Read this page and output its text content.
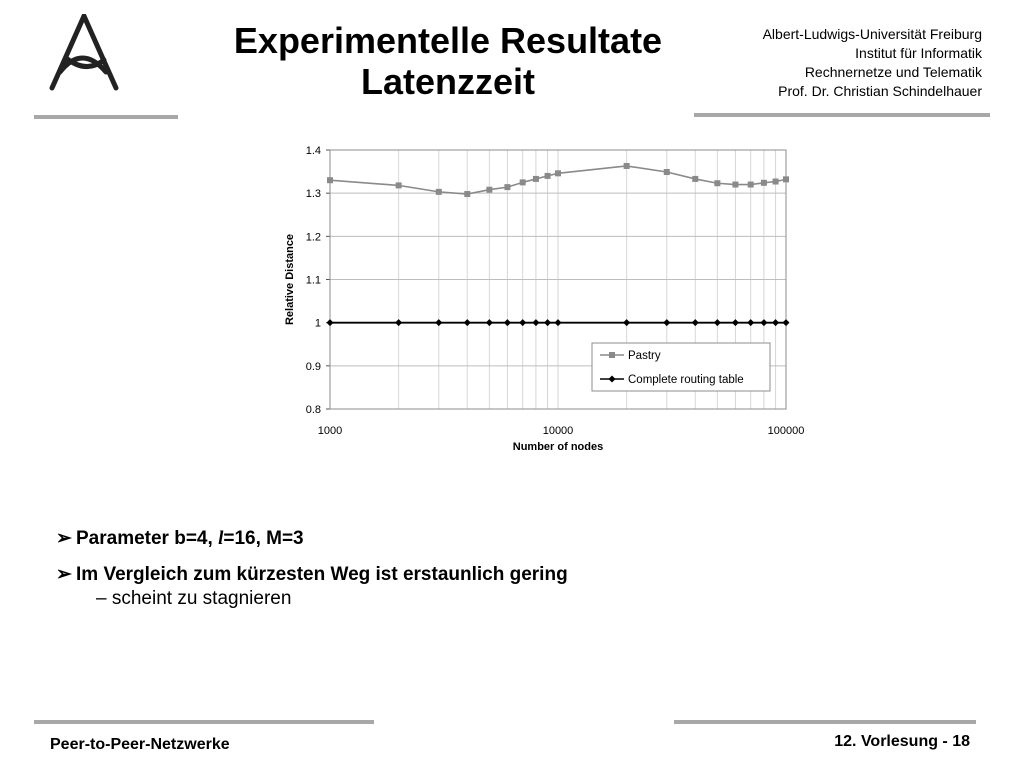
Experimentelle Resultate
Latenzzeit
Albert-Ludwigs-Universität Freiburg
Institut für Informatik
Rechnernetze und Telematik
Prof. Dr. Christian Schindelhauer
0.8
0.9
1
1.1
1.2
1.3
1.4
1000	10000	100000
Number of nodes
Relative Distance
Pastry
Complete routing table
➢ Parameter b=4, l=16, M=3
➢ Im Vergleich zum kürzesten Weg ist erstaunlich gering
– scheint zu stagnieren
Peer-to-Peer-Netzwerke	12. Vorlesung - 18
